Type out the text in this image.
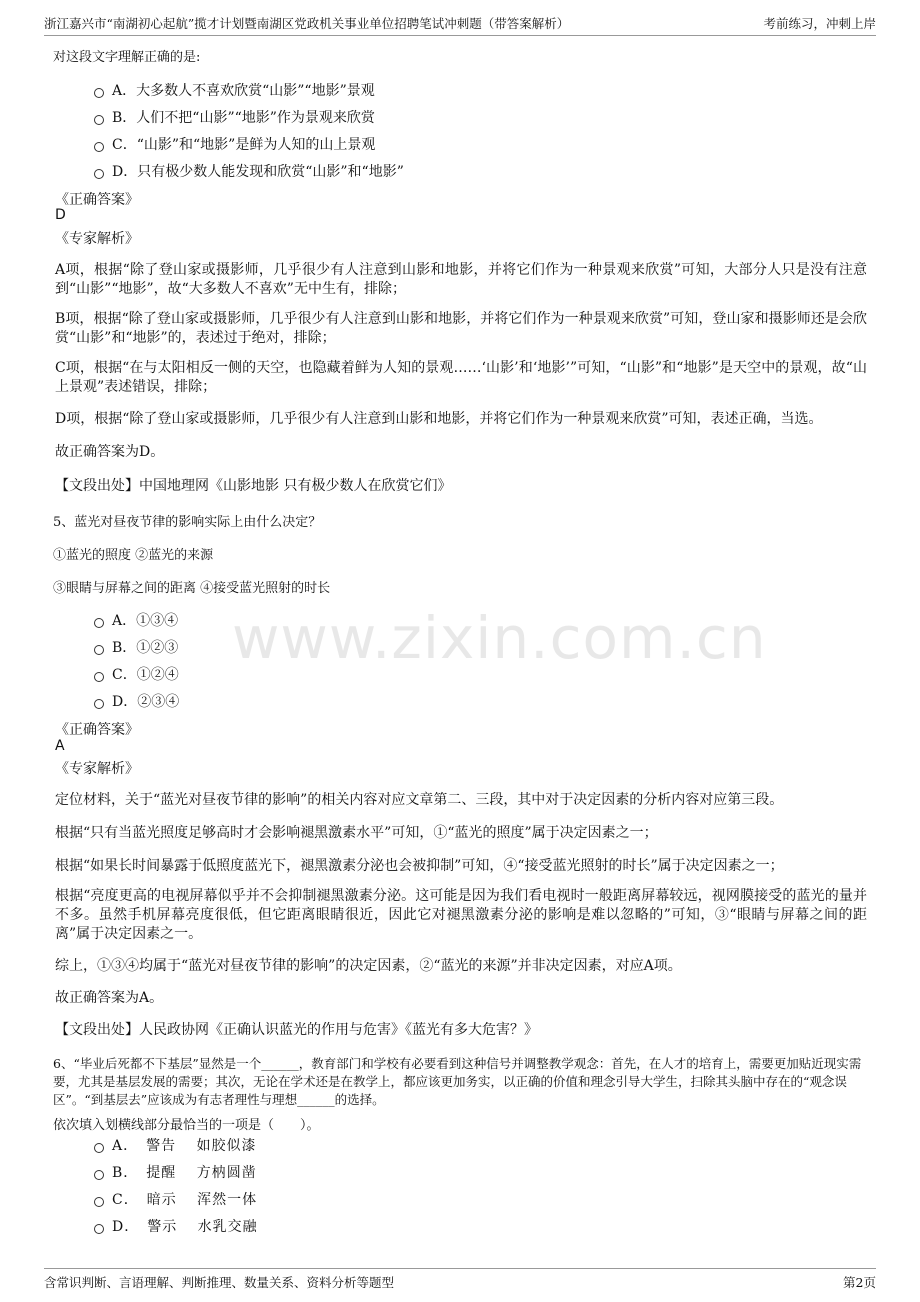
浙江嘉兴市“南湖初心起航”揽才计划暨南湖区党政机关事业单位招聘笔试冲刺题（带答案解析）	考前练习，冲刺上岸
www.zixin.com.cn
对这段文字理解正确的是:
A．大多数人不喜欢欣赏“山影”“地影”景观
B．人们不把“山影”“地影”作为景观来欣赏
C．“山影”和“地影”是鲜为人知的山上景观
D．只有极少数人能发现和欣赏“山影”和“地影”
《正确答案》
D
《专家解析》
A项，根据“除了登山家或摄影师，几乎很少有人注意到山影和地影，并将它们作为一种景观来欣赏”可知，大部分人只是没有注意到“山影”“地影”，故“大多数人不喜欢”无中生有，排除；
B项，根据“除了登山家或摄影师，几乎很少有人注意到山影和地影，并将它们作为一种景观来欣赏”可知，登山家和摄影师还是会欣赏“山影”和“地影”的，表述过于绝对，排除；
C项，根据“在与太阳相反一侧的天空，也隐藏着鲜为人知的景观……‘山影’和‘地影’”可知，“山影”和“地影”是天空中的景观，故“山上景观”表述错误，排除；
D项，根据“除了登山家或摄影师，几乎很少有人注意到山影和地影，并将它们作为一种景观来欣赏”可知，表述正确，当选。
故正确答案为D。
【文段出处】中国地理网《山影地影 只有极少数人在欣赏它们》
5、蓝光对昼夜节律的影响实际上由什么决定？
①蓝光的照度 ②蓝光的来源
③眼睛与屏幕之间的距离 ④接受蓝光照射的时长
A．①③④
B．①②③
C．①②④
D．②③④
《正确答案》
A
《专家解析》
定位材料，关于“蓝光对昼夜节律的影响”的相关内容对应文章第二、三段，其中对于决定因素的分析内容对应第三段。
根据“只有当蓝光照度足够高时才会影响褪黑激素水平”可知，①“蓝光的照度”属于决定因素之一；
根据“如果长时间暴露于低照度蓝光下，褪黑激素分泌也会被抑制”可知，④“接受蓝光照射的时长”属于决定因素之一；
根据“亮度更高的电视屏幕似乎并不会抑制褪黑激素分泌。这可能是因为我们看电视时一般距离屏幕较远，视网膜接受的蓝光的量并不多。虽然手机屏幕亮度很低，但它距离眼睛很近，因此它对褪黑激素分泌的影响是难以忽略的”可知，③“眼睛与屏幕之间的距离”属于决定因素之一。
综上，①③④均属于“蓝光对昼夜节律的影响”的决定因素，②“蓝光的来源”并非决定因素，对应A项。
故正确答案为A。
【文段出处】人民政协网《正确认识蓝光的作用与危害》《蓝光有多大危害？》
6、“毕业后死都不下基层”显然是一个______，教育部门和学校有必要看到这种信号并调整教学观念：首先，在人才的培育上，需要更加贴近现实需要，尤其是基层发展的需要；其次，无论在学术还是在教学上，都应该更加务实，以正确的价值和理念引导大学生，扫除其头脑中存在的“观念误区”。“到基层去”应该成为有志者理性与理想______的选择。
依次填入划横线部分最恰当的一项是（　　）。
A．　警告　 如胶似漆
B．　提醒　 方枘圆凿
C．　暗示　 浑然一体
D．　警示　 水乳交融
含常识判断、言语理解、判断推理、数量关系、资料分析等题型	第2页
